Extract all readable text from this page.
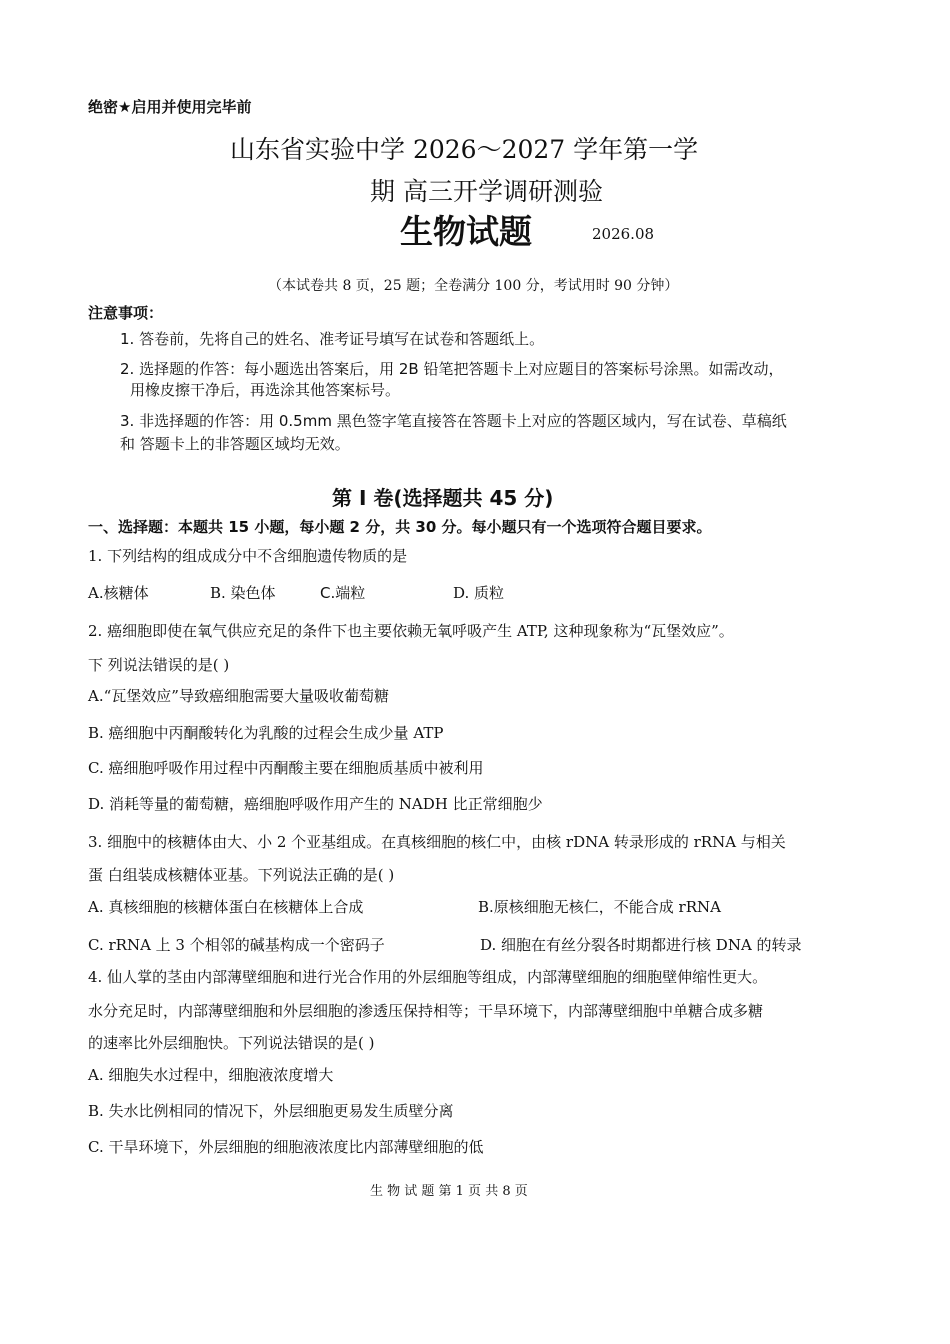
绝密★启用并使用完毕前
山东省实验中学 2026～2027 学年第一学
期 高三开学调研测验
生物试题	2026.08
（本试卷共 8 页，25 题；全卷满分 100 分，考试用时 90 分钟）
注意事项：
1. 答卷前，先将自己的姓名、准考证号填写在试卷和答题纸上。
2. 选择题的作答：每小题选出答案后，用 2B 铅笔把答题卡上对应题目的答案标号涂黑。如需改动，
用橡皮擦干净后，再选涂其他答案标号。
3. 非选择题的作答：用 0.5mm 黑色签字笔直接答在答题卡上对应的答题区域内，写在试卷、草稿纸
和 答题卡上的非答题区域均无效。
第 Ⅰ 卷(选择题共 45 分)
一、选择题：本题共 15 小题，每小题 2 分，共 30 分。每小题只有一个选项符合题目要求。
1. 下列结构的组成成分中不含细胞遗传物质的是
A.核糖体	B. 染色体	C.端粒	D. 质粒
2. 癌细胞即使在氧气供应充足的条件下也主要依赖无氧呼吸产生 ATP, 这种现象称为“瓦堡效应”。
下 列说法错误的是( )
A.“瓦堡效应”导致癌细胞需要大量吸收葡萄糖
B. 癌细胞中丙酮酸转化为乳酸的过程会生成少量 ATP
C. 癌细胞呼吸作用过程中丙酮酸主要在细胞质基质中被利用
D. 消耗等量的葡萄糖，癌细胞呼吸作用产生的 NADH 比正常细胞少
3. 细胞中的核糖体由大、小 2 个亚基组成。在真核细胞的核仁中，由核 rDNA 转录形成的 rRNA 与相关
蛋 白组装成核糖体亚基。下列说法正确的是( )
A. 真核细胞的核糖体蛋白在核糖体上合成	B.原核细胞无核仁，不能合成 rRNA
C. rRNA 上 3 个相邻的碱基构成一个密码子	D. 细胞在有丝分裂各时期都进行核 DNA 的转录
4. 仙人掌的茎由内部薄壁细胞和进行光合作用的外层细胞等组成，内部薄壁细胞的细胞壁伸缩性更大。
水分充足时，内部薄壁细胞和外层细胞的渗透压保持相等；干旱环境下，内部薄壁细胞中单糖合成多糖
的速率比外层细胞快。下列说法错误的是( )
A. 细胞失水过程中，细胞液浓度增大
B. 失水比例相同的情况下，外层细胞更易发生质壁分离
C. 干旱环境下，外层细胞的细胞液浓度比内部薄壁细胞的低
生 物 试 题 第 1 页 共 8 页
